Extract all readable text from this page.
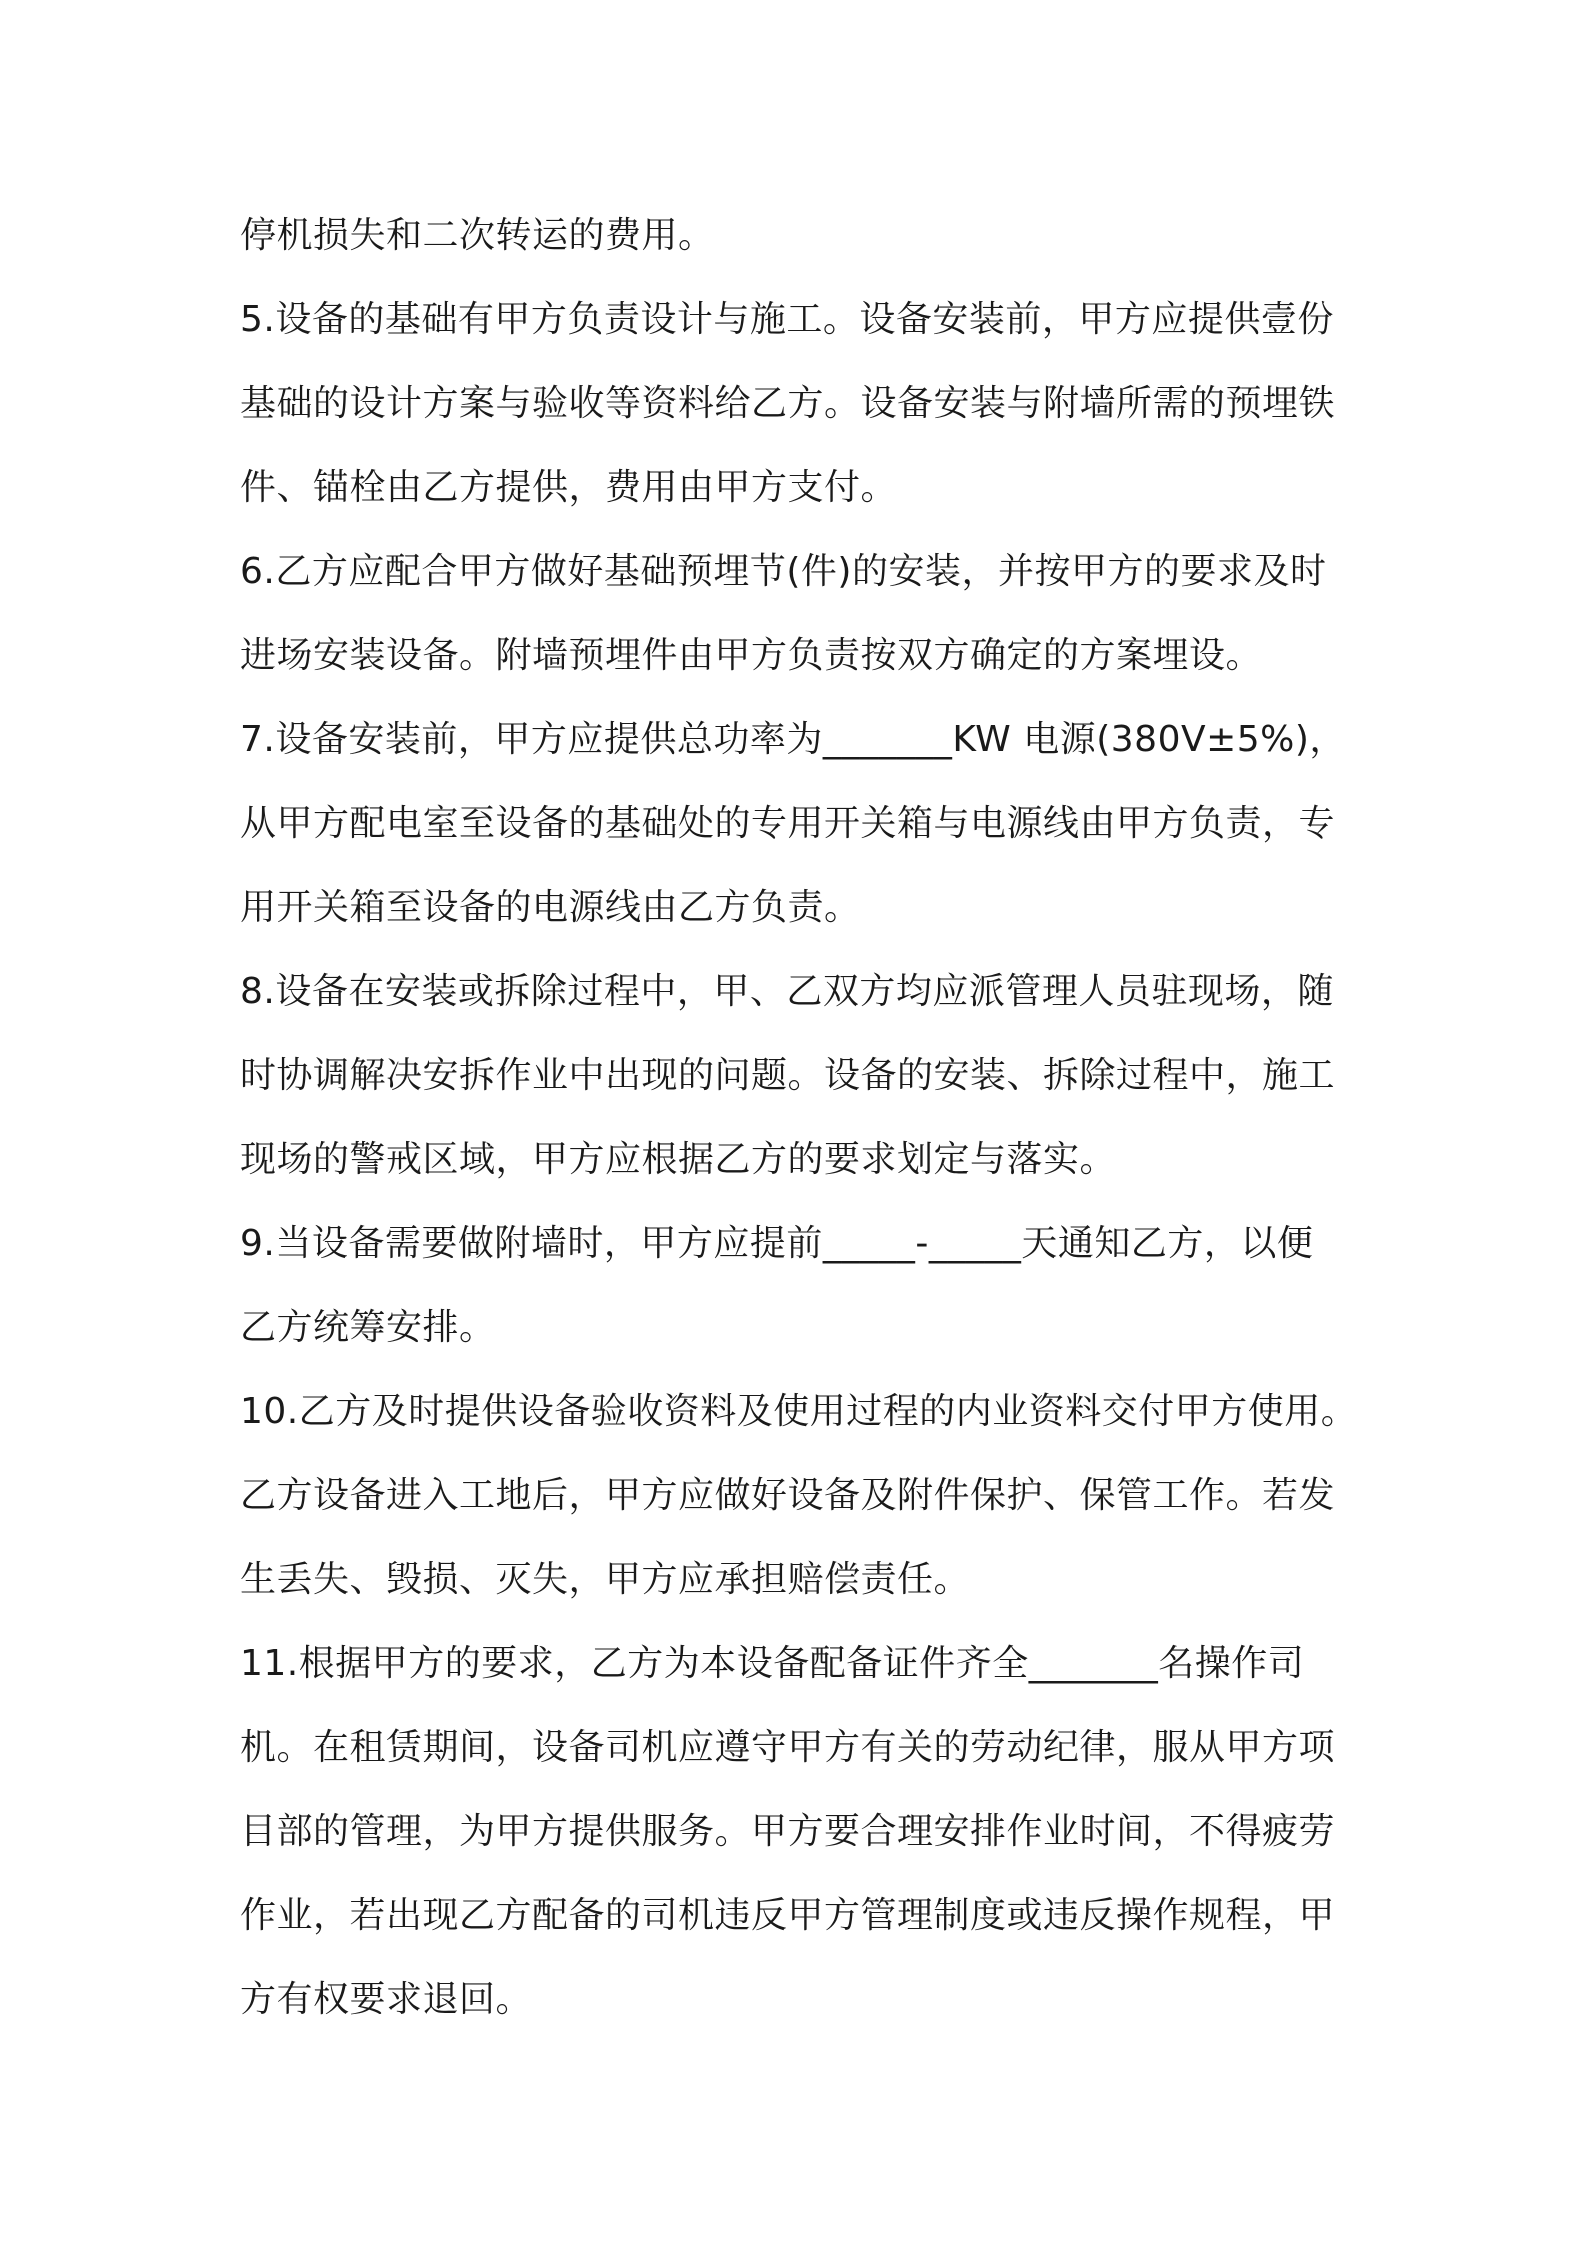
停机损失和二次转运的费用。
5.设备的基础有甲方负责设计与施工。设备安装前，甲方应提供壹份
基础的设计方案与验收等资料给乙方。设备安装与附墙所需的预埋铁
件、锚栓由乙方提供，费用由甲方支付。
6.乙方应配合甲方做好基础预埋节(件)的安装，并按甲方的要求及时
进场安装设备。附墙预埋件由甲方负责按双方确定的方案埋设。
7.设备安装前，甲方应提供总功率为_______KW 电源(380V±5%)，
从甲方配电室至设备的基础处的专用开关箱与电源线由甲方负责，专
用开关箱至设备的电源线由乙方负责。
8.设备在安装或拆除过程中，甲、乙双方均应派管理人员驻现场，随
时协调解决安拆作业中出现的问题。设备的安装、拆除过程中，施工
现场的警戒区域，甲方应根据乙方的要求划定与落实。
9.当设备需要做附墙时，甲方应提前_____-_____天通知乙方，以便
乙方统筹安排。
10.乙方及时提供设备验收资料及使用过程的内业资料交付甲方使用。
乙方设备进入工地后，甲方应做好设备及附件保护、保管工作。若发
生丢失、毁损、灭失，甲方应承担赔偿责任。
11.根据甲方的要求，乙方为本设备配备证件齐全_______名操作司
机。在租赁期间，设备司机应遵守甲方有关的劳动纪律，服从甲方项
目部的管理，为甲方提供服务。甲方要合理安排作业时间，不得疲劳
作业，若出现乙方配备的司机违反甲方管理制度或违反操作规程，甲
方有权要求退回。
